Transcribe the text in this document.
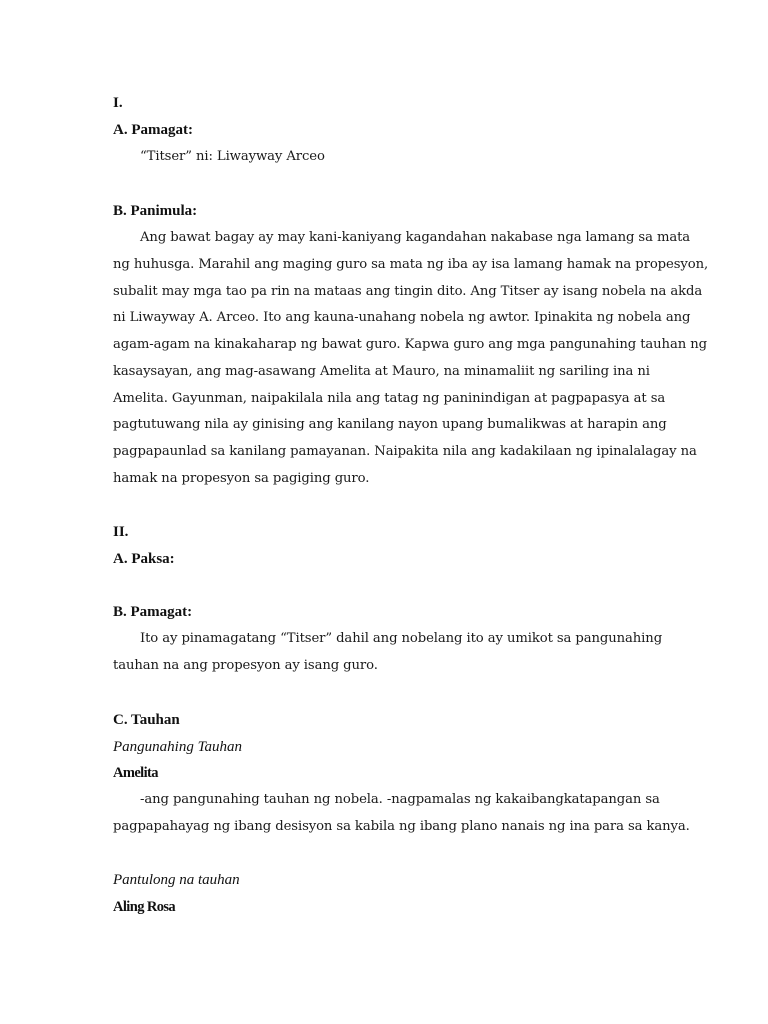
I.
A. Pamagat:
“Titser” ni: Liwayway Arceo
B. Panimula:
Ang bawat bagay ay may kani-kaniyang kagandahan nakabase nga lamang sa mata
ng huhusga. Marahil ang maging guro sa mata ng iba ay isa lamang hamak na propesyon,
subalit may mga tao pa rin na mataas ang tingin dito. Ang Titser ay isang nobela na akda
ni Liwayway A. Arceo. Ito ang kauna-unahang nobela ng awtor. Ipinakita ng nobela ang
agam-agam na kinakaharap ng bawat guro. Kapwa guro ang mga pangunahing tauhan ng
kasaysayan, ang mag-asawang Amelita at Mauro, na minamaliit ng sariling ina ni
Amelita. Gayunman, naipakilala nila ang tatag ng paninindigan at pagpapasya at sa
pagtutuwang nila ay ginising ang kanilang nayon upang bumalikwas at harapin ang
pagpapaunlad sa kanilang pamayanan. Naipakita nila ang kadakilaan ng ipinalalagay na
hamak na propesyon sa pagiging guro.
II.
A. Paksa:
B. Pamagat:
Ito ay pinamagatang “Titser” dahil ang nobelang ito ay umikot sa pangunahing
tauhan na ang propesyon ay isang guro.
C. Tauhan
Pangunahing Tauhan
Amelita
-ang pangunahing tauhan ng nobela. -nagpamalas ng kakaibangkatapangan sa
pagpapahayag ng ibang desisyon sa kabila ng ibang plano nanais ng ina para sa kanya.
Pantulong na tauhan
Aling Rosa
